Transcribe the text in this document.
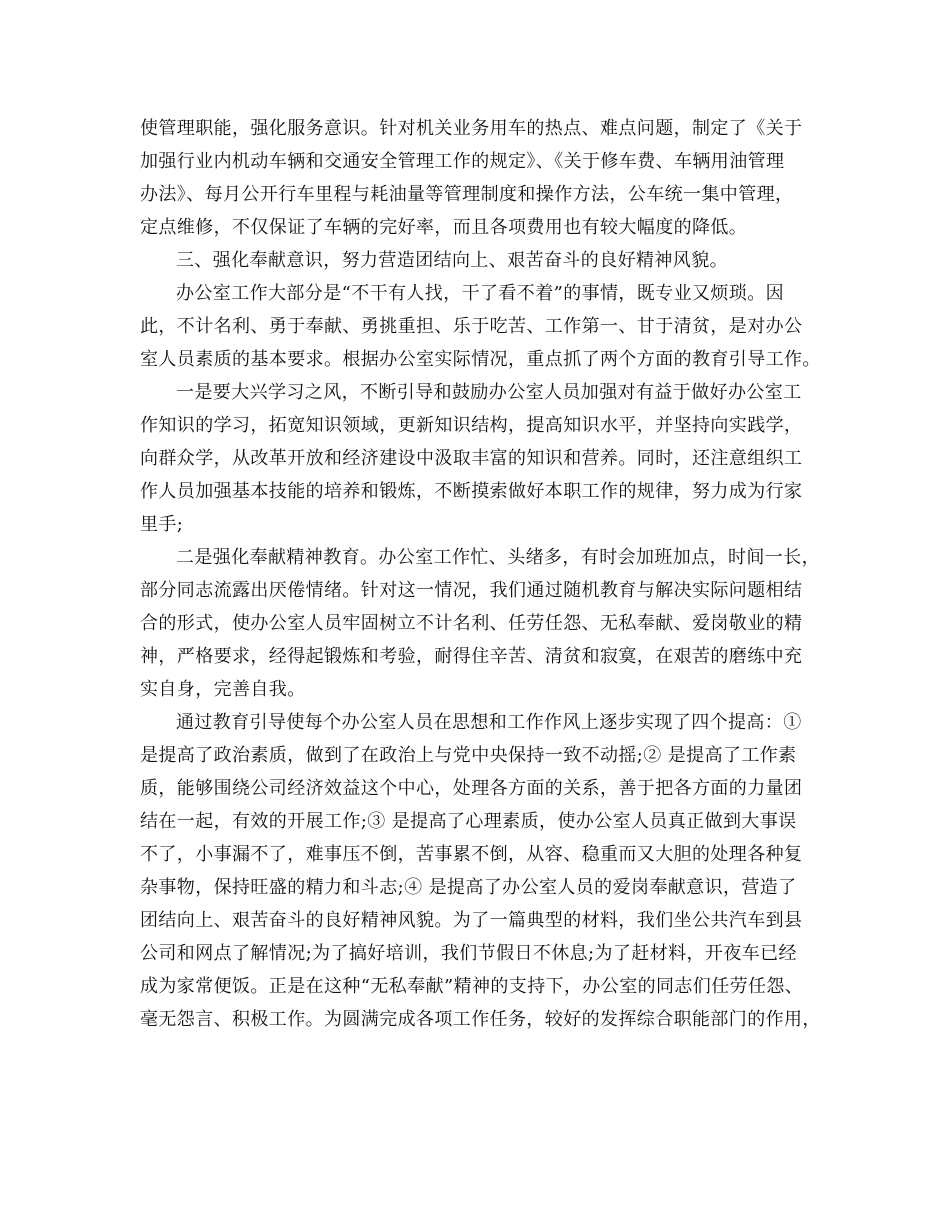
使管理职能，强化服务意识。针对机关业务用车的热点、难点问题，制定了《关于
加强行业内机动车辆和交通安全管理工作的规定》、《关于修车费、车辆用油管理
办法》、每月公开行车里程与耗油量等管理制度和操作方法，公车统一集中管理，
定点维修，不仅保证了车辆的完好率，而且各项费用也有较大幅度的降低。
三、强化奉献意识，努力营造团结向上、艰苦奋斗的良好精神风貌。
办公室工作大部分是“不干有人找，干了看不着”的事情，既专业又烦琐。因
此，不计名利、勇于奉献、勇挑重担、乐于吃苦、工作第一、甘于清贫，是对办公
室人员素质的基本要求。根据办公室实际情况，重点抓了两个方面的教育引导工作。
一是要大兴学习之风，不断引导和鼓励办公室人员加强对有益于做好办公室工
作知识的学习，拓宽知识领域，更新知识结构，提高知识水平，并坚持向实践学，
向群众学，从改革开放和经济建设中汲取丰富的知识和营养。同时，还注意组织工
作人员加强基本技能的培养和锻炼，不断摸索做好本职工作的规律，努力成为行家
里手;
二是强化奉献精神教育。办公室工作忙、头绪多，有时会加班加点，时间一长，
部分同志流露出厌倦情绪。针对这一情况，我们通过随机教育与解决实际问题相结
合的形式，使办公室人员牢固树立不计名利、任劳任怨、无私奉献、爱岗敬业的精
神，严格要求，经得起锻炼和考验，耐得住辛苦、清贫和寂寞，在艰苦的磨练中充
实自身，完善自我。
通过教育引导使每个办公室人员在思想和工作作风上逐步实现了四个提高：①
是提高了政治素质，做到了在政治上与党中央保持一致不动摇;② 是提高了工作素
质，能够围绕公司经济效益这个中心，处理各方面的关系，善于把各方面的力量团
结在一起，有效的开展工作;③ 是提高了心理素质，使办公室人员真正做到大事误
不了，小事漏不了，难事压不倒，苦事累不倒，从容、稳重而又大胆的处理各种复
杂事物，保持旺盛的精力和斗志;④ 是提高了办公室人员的爱岗奉献意识，营造了
团结向上、艰苦奋斗的良好精神风貌。为了一篇典型的材料，我们坐公共汽车到县
公司和网点了解情况;为了搞好培训，我们节假日不休息;为了赶材料，开夜车已经
成为家常便饭。正是在这种“无私奉献”精神的支持下，办公室的同志们任劳任怨、
毫无怨言、积极工作。为圆满完成各项工作任务，较好的发挥综合职能部门的作用，
